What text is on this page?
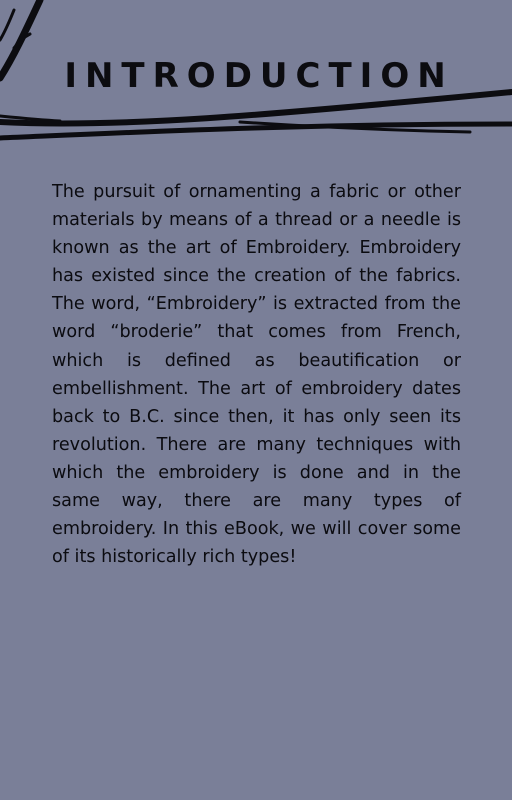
INTRODUCTION

The pursuit of ornamenting a fabric or other materials by means of a thread or a needle is known as the art of Embroidery. Embroidery has existed since the creation of the fabrics. The word, “Embroidery” is extracted from the word “broderie” that comes from French, which is defined as beautification or embellishment. The art of embroidery dates back to B.C. since then, it has only seen its revolution. There are many techniques with which the embroidery is done and in the same way, there are many types of embroidery. In this eBook, we will cover some of its historically rich types!
